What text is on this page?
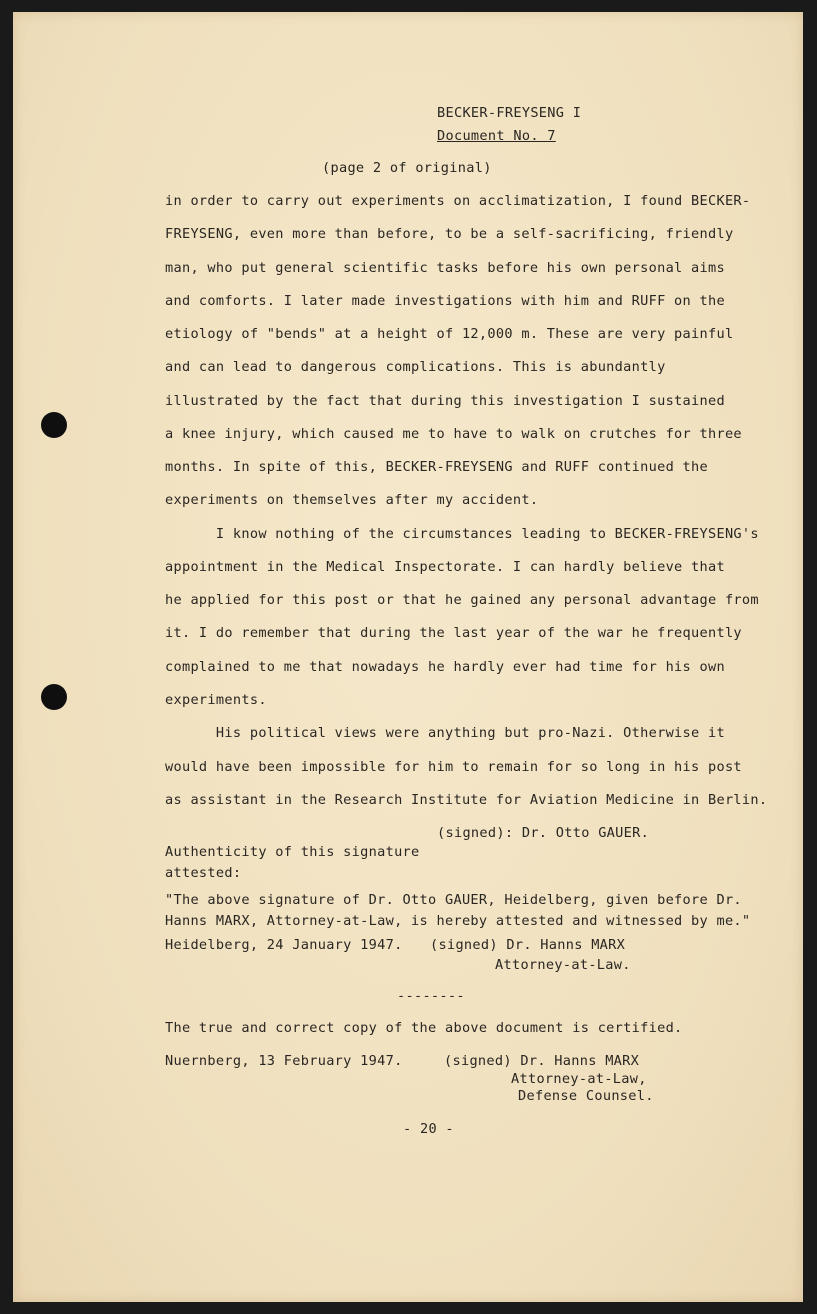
BECKER-FREYSENG I

Document No. 7

(page 2 of original)

in order to carry out experiments on acclimatization, I found BECKER-

FREYSENG, even more than before, to be a self-sacrificing, friendly

man, who put general scientific tasks before his own personal aims

and comforts. I later made investigations with him and RUFF on the

etiology of "bends" at a height of 12,000 m. These are very painful

and can lead to dangerous complications. This is abundantly

illustrated by the fact that during this investigation I sustained

a knee injury, which caused me to have to walk on crutches for three

months. In spite of this, BECKER-FREYSENG and RUFF continued the

experiments on themselves after my accident.

I know nothing of the circumstances leading to BECKER-FREYSENG's

appointment in the Medical Inspectorate. I can hardly believe that

he applied for this post or that he gained any personal advantage from

it. I do remember that during the last year of the war he frequently

complained to me that nowadays he hardly ever had time for his own

experiments.

His political views were anything but pro-Nazi. Otherwise it

would have been impossible for him to remain for so long in his post

as assistant in the Research Institute for Aviation Medicine in Berlin.

(signed): Dr. Otto GAUER.

Authenticity of this signature

attested:

"The above signature of Dr. Otto GAUER, Heidelberg, given before Dr.

Hanns MARX, Attorney-at-Law, is hereby attested and witnessed by me."

Heidelberg, 24 January 1947. (signed) Dr. Hanns MARX

Attorney-at-Law.

--------

The true and correct copy of the above document is certified.

Nuernberg, 13 February 1947.	(signed) Dr. Hanns MARX

Attorney-at-Law,

Defense Counsel.

- 20 -
